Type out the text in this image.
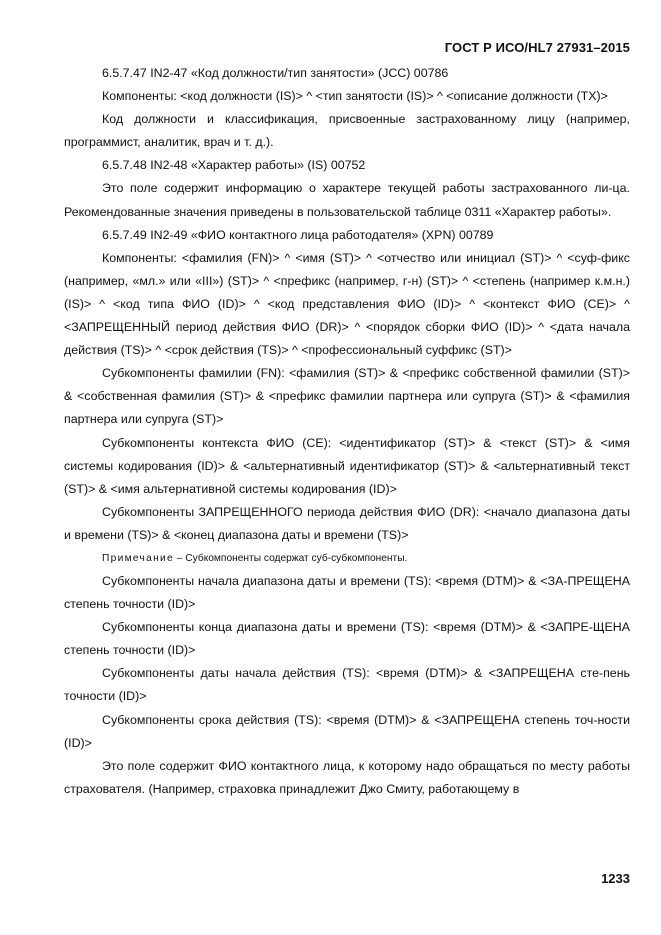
ГОСТ Р ИСО/HL7 27931–2015

6.5.7.47 IN2-47 «Код должности/тип занятости» (JCC) 00786

Компоненты: <код должности (IS)> ^ <тип занятости (IS)> ^ <описание должности (TX)>

Код должности и классификация, присвоенные застрахованному лицу (например, программист, аналитик, врач и т. д.).

6.5.7.48 IN2-48 «Характер работы» (IS) 00752

Это поле содержит информацию о характере текущей работы застрахованного ли-ца. Рекомендованные значения приведены в пользовательской таблице 0311 «Характер работы».

6.5.7.49 IN2-49 «ФИО контактного лица работодателя» (XPN) 00789

Компоненты: <фамилия (FN)> ^ <имя (ST)> ^ <отчество или инициал (ST)> ^ <суф-фикс (например, «мл.» или «III») (ST)> ^ <префикс (например, г-н) (ST)> ^ <степень (например к.м.н.) (IS)> ^ <код типа ФИО (ID)> ^ <код представления ФИО (ID)> ^ <контекст ФИО (CE)> ^ <ЗАПРЕЩЕННЫЙ период действия ФИО (DR)> ^ <порядок сборки ФИО (ID)> ^ <дата начала действия (TS)> ^ <срок действия (TS)> ^ <профессиональный суффикс (ST)>

Субкомпоненты фамилии (FN): <фамилия (ST)> & <префикс собственной фамилии (ST)> & <собственная фамилия (ST)> & <префикс фамилии партнера или супруга (ST)> & <фамилия партнера или супруга (ST)>

Субкомпоненты контекста ФИО (CE): <идентификатор (ST)> & <текст (ST)> & <имя системы кодирования (ID)> & <альтернативный идентификатор (ST)> & <альтернативный текст (ST)> & <имя альтернативной системы кодирования (ID)>

Субкомпоненты ЗАПРЕЩЕННОГО периода действия ФИО (DR): <начало диапазона даты и времени (TS)> & <конец диапазона даты и времени (TS)>

Примечание – Субкомпоненты содержат суб-субкомпоненты.

Субкомпоненты начала диапазона даты и времени (TS): <время (DTM)> & <ЗА-ПРЕЩЕНА степень точности (ID)>

Субкомпоненты конца диапазона даты и времени (TS): <время (DTM)> & <ЗАПРЕ-ЩЕНА степень точности (ID)>

Субкомпоненты даты начала действия (TS): <время (DTM)> & <ЗАПРЕЩЕНА сте-пень точности (ID)>

Субкомпоненты срока действия (TS): <время (DTM)> & <ЗАПРЕЩЕНА степень точ-ности (ID)>

Это поле содержит ФИО контактного лица, к которому надо обращаться по месту работы страхователя. (Например, страховка принадлежит Джо Смиту, работающему в

1233
